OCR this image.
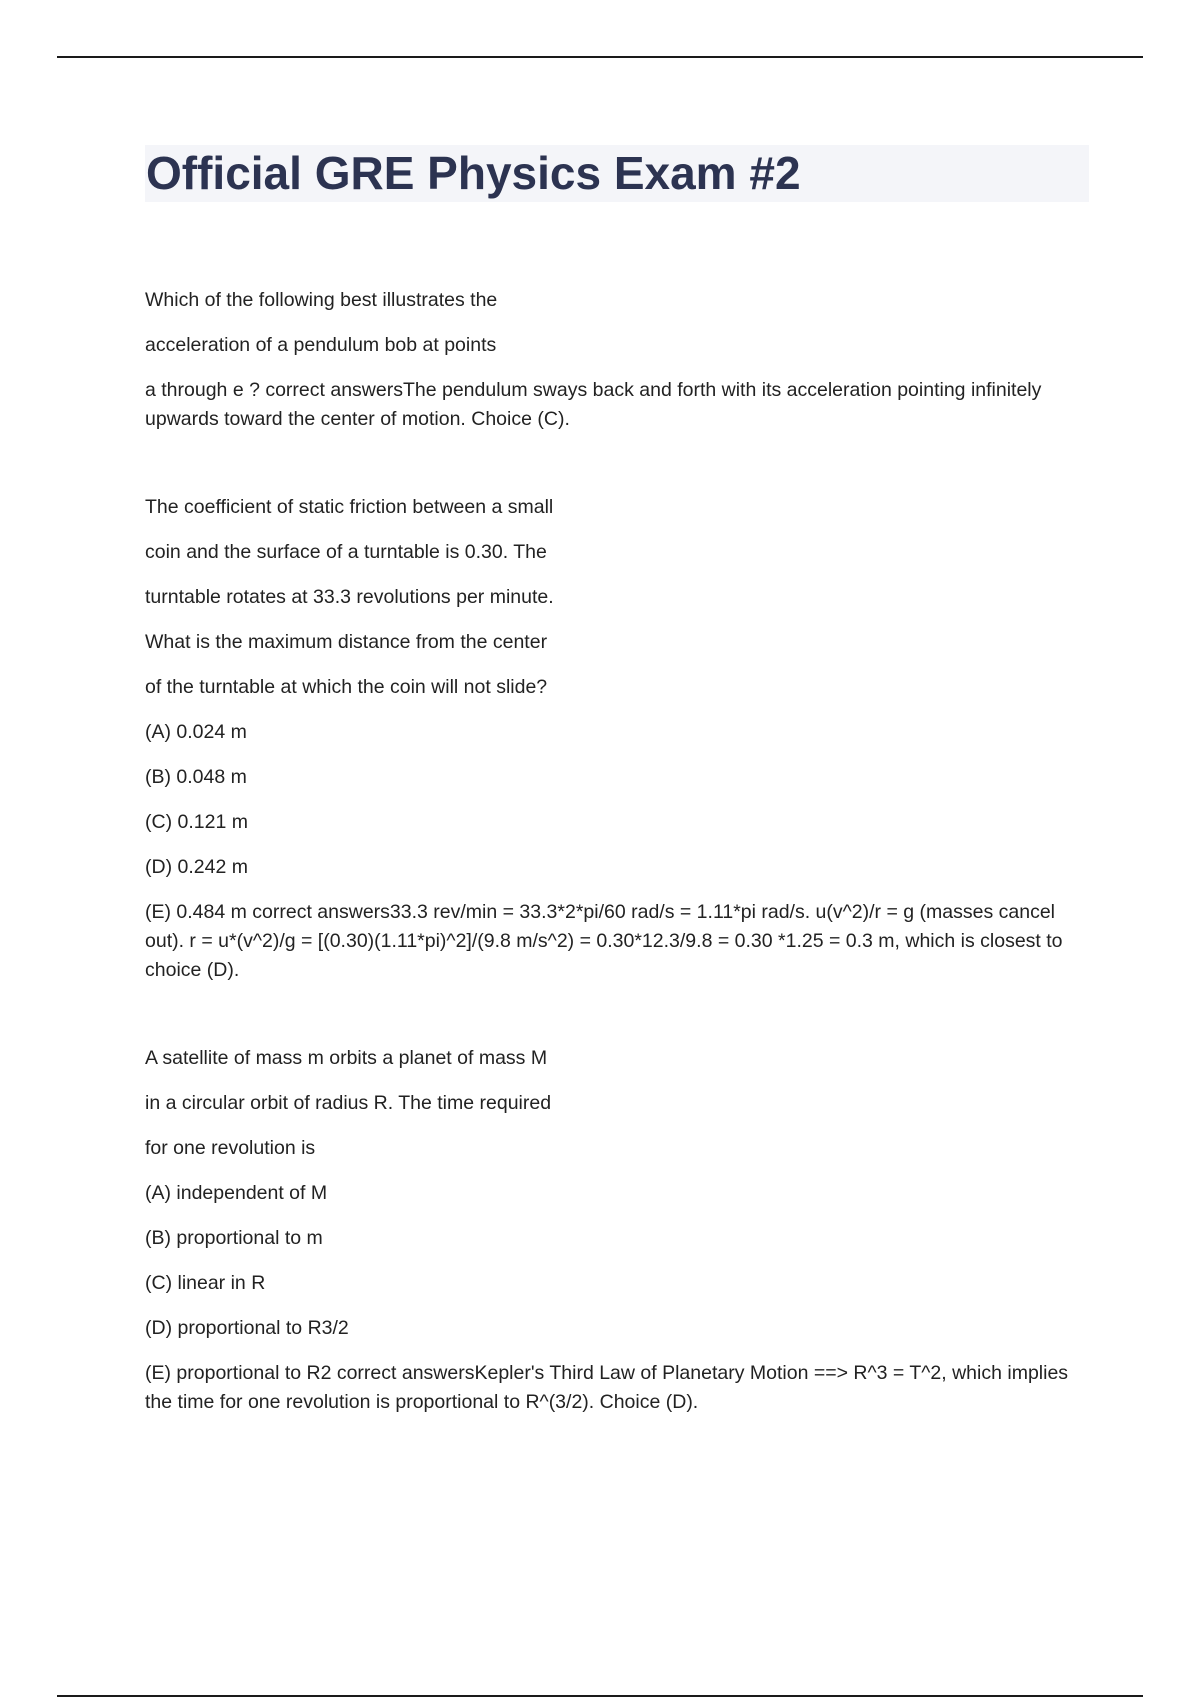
Official GRE Physics Exam #2

Which of the following best illustrates the

acceleration of a pendulum bob at points

a through e ? correct answersThe pendulum sways back and forth with its acceleration pointing infinitely upwards toward the center of motion. Choice (C).

The coefficient of static friction between a small

coin and the surface of a turntable is 0.30. The

turntable rotates at 33.3 revolutions per minute.

What is the maximum distance from the center

of the turntable at which the coin will not slide?

(A) 0.024 m

(B) 0.048 m

(C) 0.121 m

(D) 0.242 m

(E) 0.484 m correct answers33.3 rev/min = 33.3*2*pi/60 rad/s = 1.11*pi rad/s. u(v^2)/r = g (masses cancel out). r = u*(v^2)/g = [(0.30)(1.11*pi)^2]/(9.8 m/s^2) = 0.30*12.3/9.8 = 0.30 *1.25 = 0.3 m, which is closest to choice (D).

A satellite of mass m orbits a planet of mass M

in a circular orbit of radius R. The time required

for one revolution is

(A) independent of M

(B) proportional to m

(C) linear in R

(D) proportional to R3/2

(E) proportional to R2 correct answersKepler's Third Law of Planetary Motion ==> R^3 = T^2, which implies the time for one revolution is proportional to R^(3/2). Choice (D).
